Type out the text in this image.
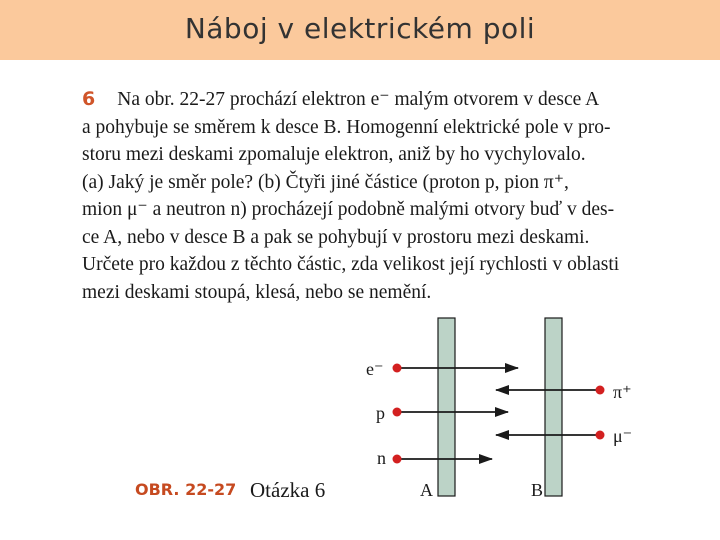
Náboj v elektrickém poli
6 Na obr. 22-27 prochází elektron e⁻ malým otvorem v desce A
a pohybuje se směrem k desce B. Homogenní elektrické pole v pro-
storu mezi deskami zpomaluje elektron, aniž by ho vychylovalo.
(a) Jaký je směr pole? (b) Čtyři jiné částice (proton p, pion π⁺,
mion μ⁻ a neutron n) procházejí podobně malými otvory buď v des-
ce A, nebo v desce B a pak se pohybují v prostoru mezi deskami.
Určete pro každou z těchto částic, zda velikost její rychlosti v oblasti
mezi deskami stoupá, klesá, nebo se nemění.
e⁻
π⁺
p
μ⁻
n
A	B
OBR. 22-27 Otázka 6
